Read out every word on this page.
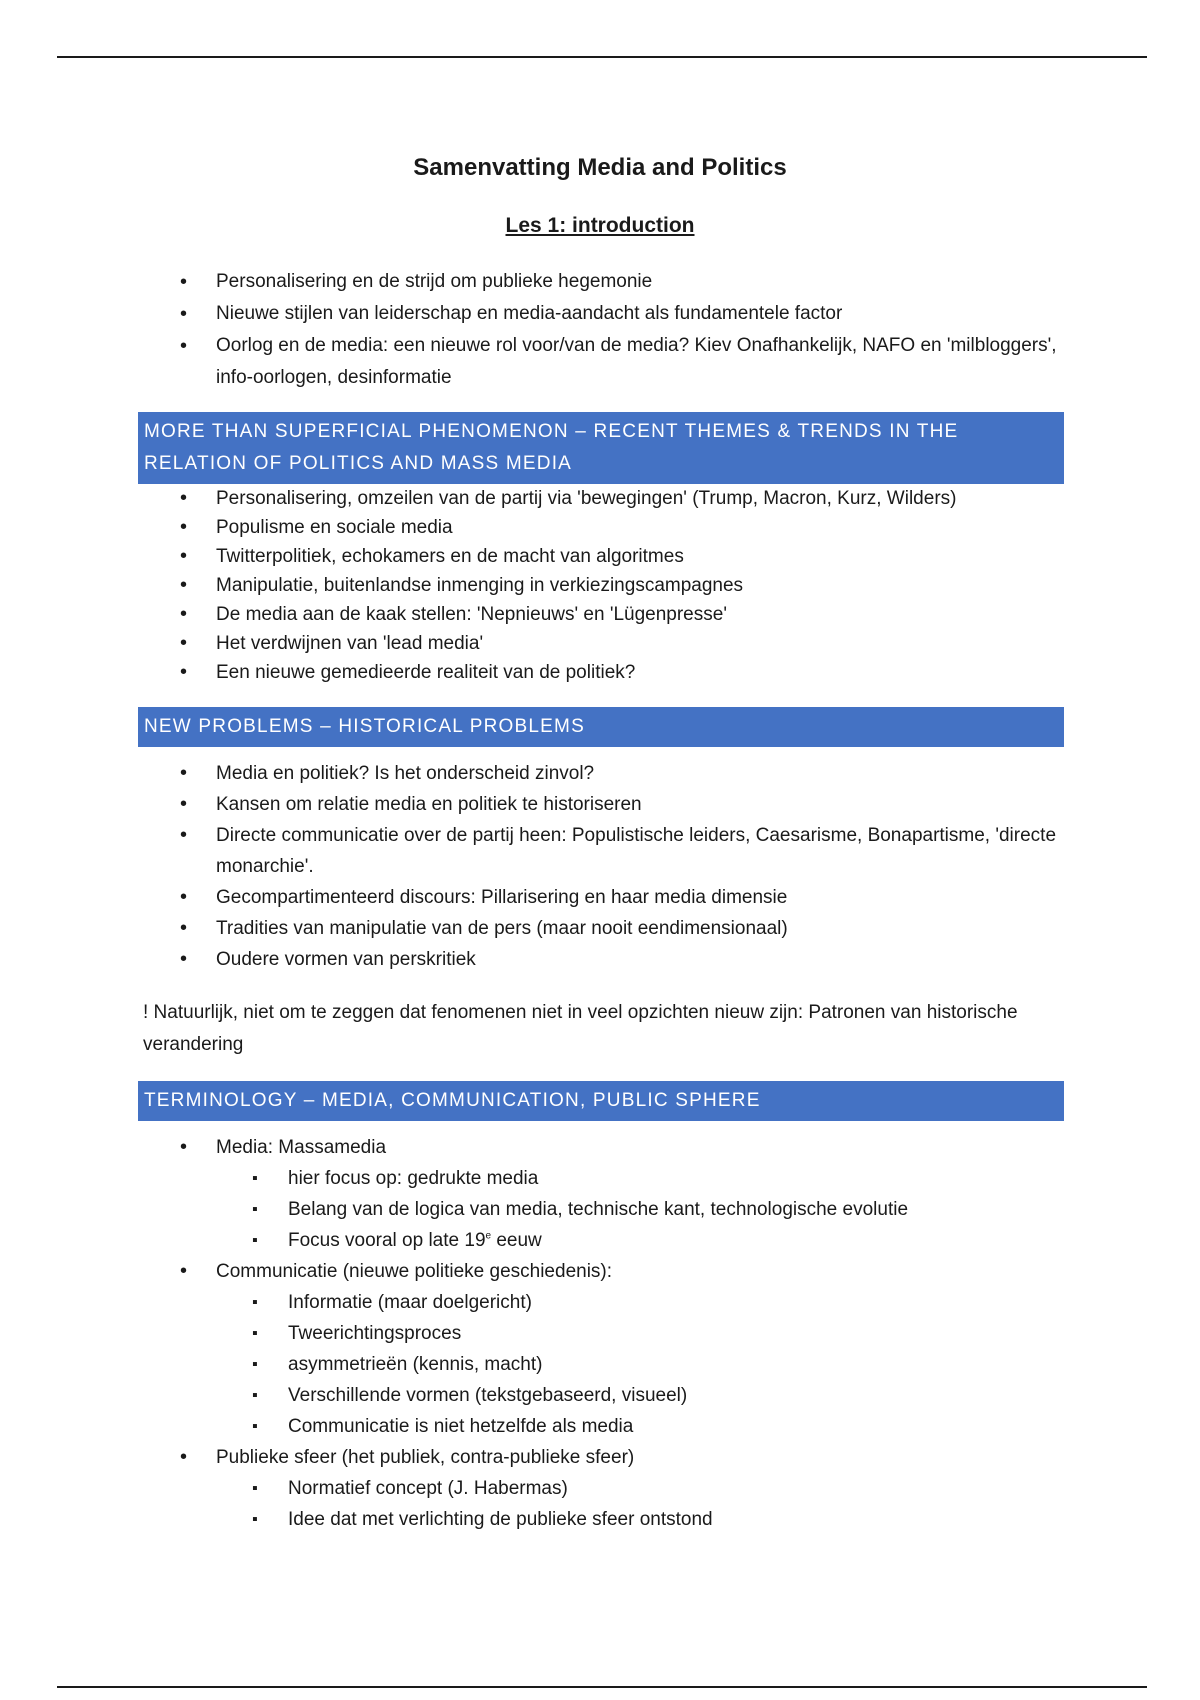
Samenvatting Media and Politics
Les 1: introduction
• Personalisering en de strijd om publieke hegemonie
• Nieuwe stijlen van leiderschap en media-aandacht als fundamentele factor
• Oorlog en de media: een nieuwe rol voor/van de media? Kiev Onafhankelijk, NAFO en 'milbloggers', info-oorlogen, desinformatie
MORE THAN SUPERFICIAL PHENOMENON – RECENT THEMES & TRENDS IN THE RELATION OF POLITICS AND MASS MEDIA
• Personalisering, omzeilen van de partij via 'bewegingen' (Trump, Macron, Kurz, Wilders)
• Populisme en sociale media
• Twitterpolitiek, echokamers en de macht van algoritmes
• Manipulatie, buitenlandse inmenging in verkiezingscampagnes
• De media aan de kaak stellen: 'Nepnieuws' en 'Lügenpresse'
• Het verdwijnen van 'lead media'
• Een nieuwe gemedieerde realiteit van de politiek?
NEW PROBLEMS – HISTORICAL PROBLEMS
• Media en politiek? Is het onderscheid zinvol?
• Kansen om relatie media en politiek te historiseren
• Directe communicatie over de partij heen: Populistische leiders, Caesarisme, Bonapartisme, 'directe monarchie'.
• Gecompartimenteerd discours: Pillarisering en haar media dimensie
• Tradities van manipulatie van de pers (maar nooit eendimensionaal)
• Oudere vormen van perskritiek
! Natuurlijk, niet om te zeggen dat fenomenen niet in veel opzichten nieuw zijn: Patronen van historische verandering
TERMINOLOGY – MEDIA, COMMUNICATION, PUBLIC SPHERE
• Media: Massamedia
▪ hier focus op: gedrukte media
▪ Belang van de logica van media, technische kant, technologische evolutie
▪ Focus vooral op late 19e eeuw
• Communicatie (nieuwe politieke geschiedenis):
▪ Informatie (maar doelgericht)
▪ Tweerichtingsproces
▪ asymmetrieën (kennis, macht)
▪ Verschillende vormen (tekstgebaseerd, visueel)
▪ Communicatie is niet hetzelfde als media
• Publieke sfeer (het publiek, contra-publieke sfeer)
▪ Normatief concept (J. Habermas)
▪ Idee dat met verlichting de publieke sfeer ontstond
